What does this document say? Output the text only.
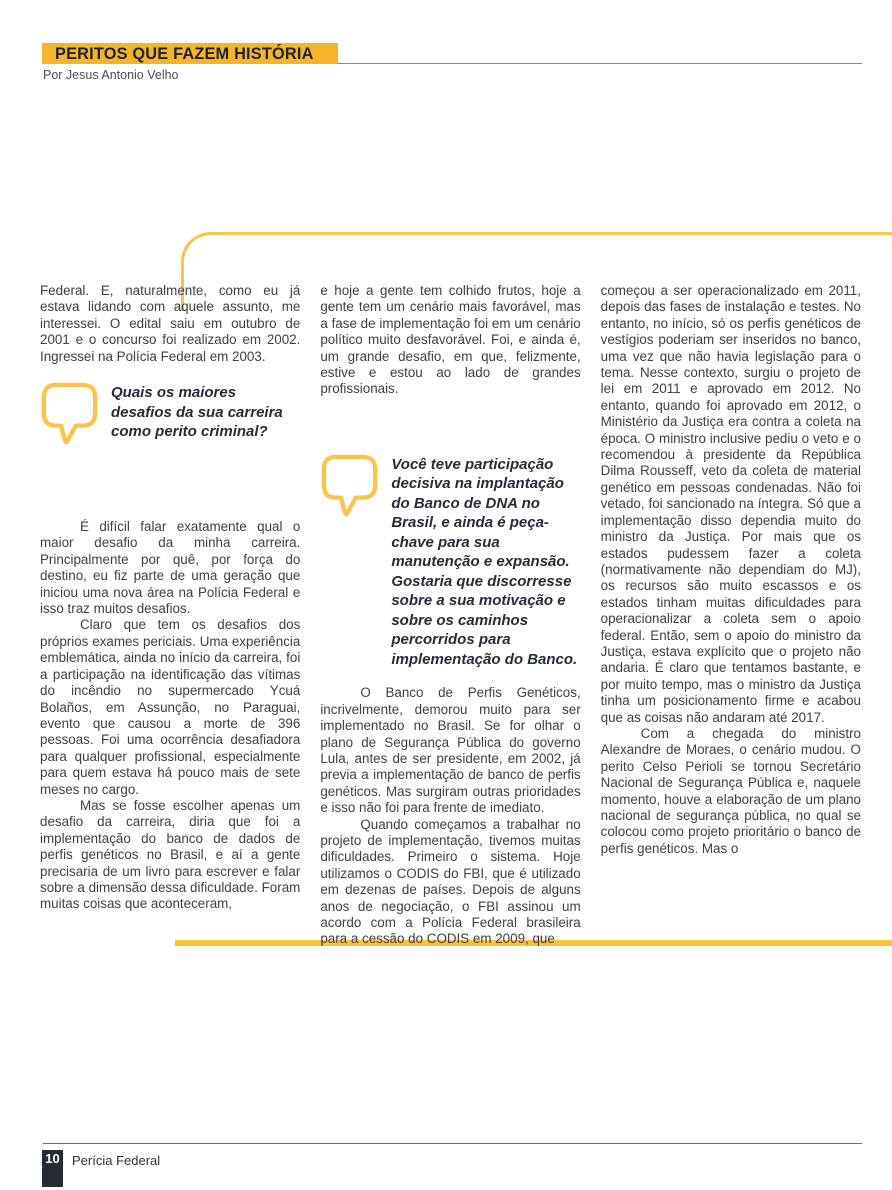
PERITOS QUE FAZEM HISTÓRIA
Por Jesus Antonio Velho

Federal. E, naturalmente, como eu já estava lidando com aquele assunto, me interessei. O edital saiu em outubro de 2001 e o concurso foi realizado em 2002. Ingressei na Polícia Federal em 2003.

Quais os maiores desafios da sua carreira como perito criminal?

É difícil falar exatamente qual o maior desafio da minha carreira. Principalmente por quê, por força do destino, eu fiz parte de uma geração que iniciou uma nova área na Polícia Federal e isso traz muitos desafios.

Claro que tem os desafios dos próprios exames periciais. Uma experiência emblemática, ainda no início da carreira, foi a participação na identificação das vítimas do incêndio no supermercado Ycuá Bolaños, em Assunção, no Paraguai, evento que causou a morte de 396 pessoas. Foi uma ocorrência desafiadora para qualquer profissional, especialmente para quem estava há pouco mais de sete meses no cargo.

Mas se fosse escolher apenas um desafio da carreira, diria que foi a implementação do banco de dados de perfis genéticos no Brasil, e aí a gente precisaria de um livro para escrever e falar sobre a dimensão dessa dificuldade. Foram muitas coisas que aconteceram,

e hoje a gente tem colhido frutos, hoje a gente tem um cenário mais favorável, mas a fase de implementação foi em um cenário político muito desfavorável. Foi, e ainda é, um grande desafio, em que, felizmente, estive e estou ao lado de grandes profissionais.

Você teve participação decisiva na implantação do Banco de DNA no Brasil, e ainda é peça-chave para sua manutenção e expansão. Gostaria que discorresse sobre a sua motivação e sobre os caminhos percorridos para implementação do Banco.

O Banco de Perfis Genéticos, incrivelmente, demorou muito para ser implementado no Brasil. Se for olhar o plano de Segurança Pública do governo Lula, antes de ser presidente, em 2002, já previa a implementação de banco de perfis genéticos. Mas surgiram outras prioridades e isso não foi para frente de imediato.

Quando começamos a trabalhar no projeto de implementação, tivemos muitas dificuldades. Primeiro o sistema. Hoje utilizamos o CODIS do FBI, que é utilizado em dezenas de países. Depois de alguns anos de negociação, o FBI assinou um acordo com a Polícia Federal brasileira para a cessão do CODIS em 2009, que

começou a ser operacionalizado em 2011, depois das fases de instalação e testes. No entanto, no início, só os perfis genéticos de vestígios poderiam ser inseridos no banco, uma vez que não havia legislação para o tema. Nesse contexto, surgiu o projeto de lei em 2011 e aprovado em 2012. No entanto, quando foi aprovado em 2012, o Ministério da Justiça era contra a coleta na época. O ministro inclusive pediu o veto e o recomendou à presidente da República Dilma Rousseff, veto da coleta de material genético em pessoas condenadas. Não foi vetado, foi sancionado na íntegra. Só que a implementação disso dependia muito do ministro da Justiça. Por mais que os estados pudessem fazer a coleta (normativamente não dependiam do MJ), os recursos são muito escassos e os estados tinham muitas dificuldades para operacionalizar a coleta sem o apoio federal. Então, sem o apoio do ministro da Justiça, estava explícito que o projeto não andaria. É claro que tentamos bastante, e por muito tempo, mas o ministro da Justiça tinha um posicionamento firme e acabou que as coisas não andaram até 2017.

Com a chegada do ministro Alexandre de Moraes, o cenário mudou. O perito Celso Perioli se tornou Secretário Nacional de Segurança Pública e, naquele momento, houve a elaboração de um plano nacional de segurança pública, no qual se colocou como projeto prioritário o banco de perfis genéticos. Mas o

10 Perícia Federal
